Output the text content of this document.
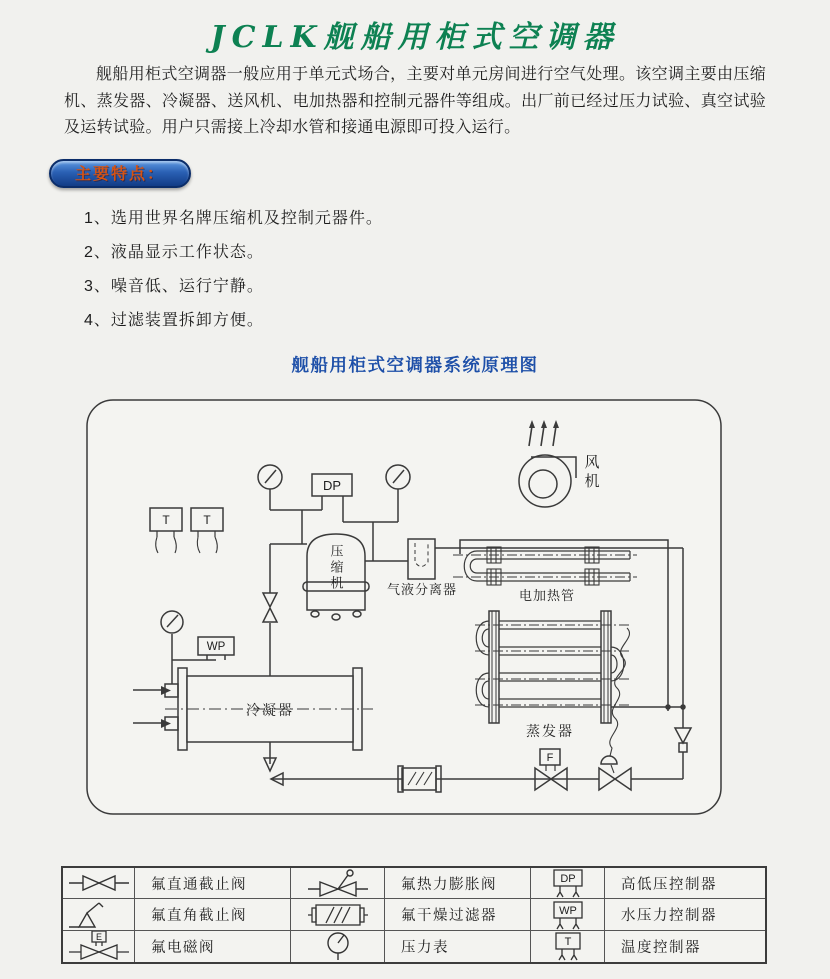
JCLK舰船用柜式空调器
舰船用柜式空调器一般应用于单元式场合，主要对单元房间进行空气处理。该空调主要由压缩机、蒸发器、冷凝器、送风机、电加热器和控制元器件等组成。出厂前已经过压力试验、真空试验及运转试验。用户只需接上冷却水管和接通电源即可投入运行。
主要特点：
1、选用世界名牌压缩机及控制元器件。
2、液晶显示工作状态。
3、噪音低、运行宁静。
4、过滤装置拆卸方便。
舰船用柜式空调器系统原理图
风机
DP
T	T
压缩机	气液分离器	电加热管
蒸发器
冷凝器
WP
F
氟直通截止阀	氟热力膨胀阀	DP	高低压控制器
氟直角截止阀	氟干燥过滤器	WP	水压力控制器
E
氟电磁阀	压力表	T	温度控制器
